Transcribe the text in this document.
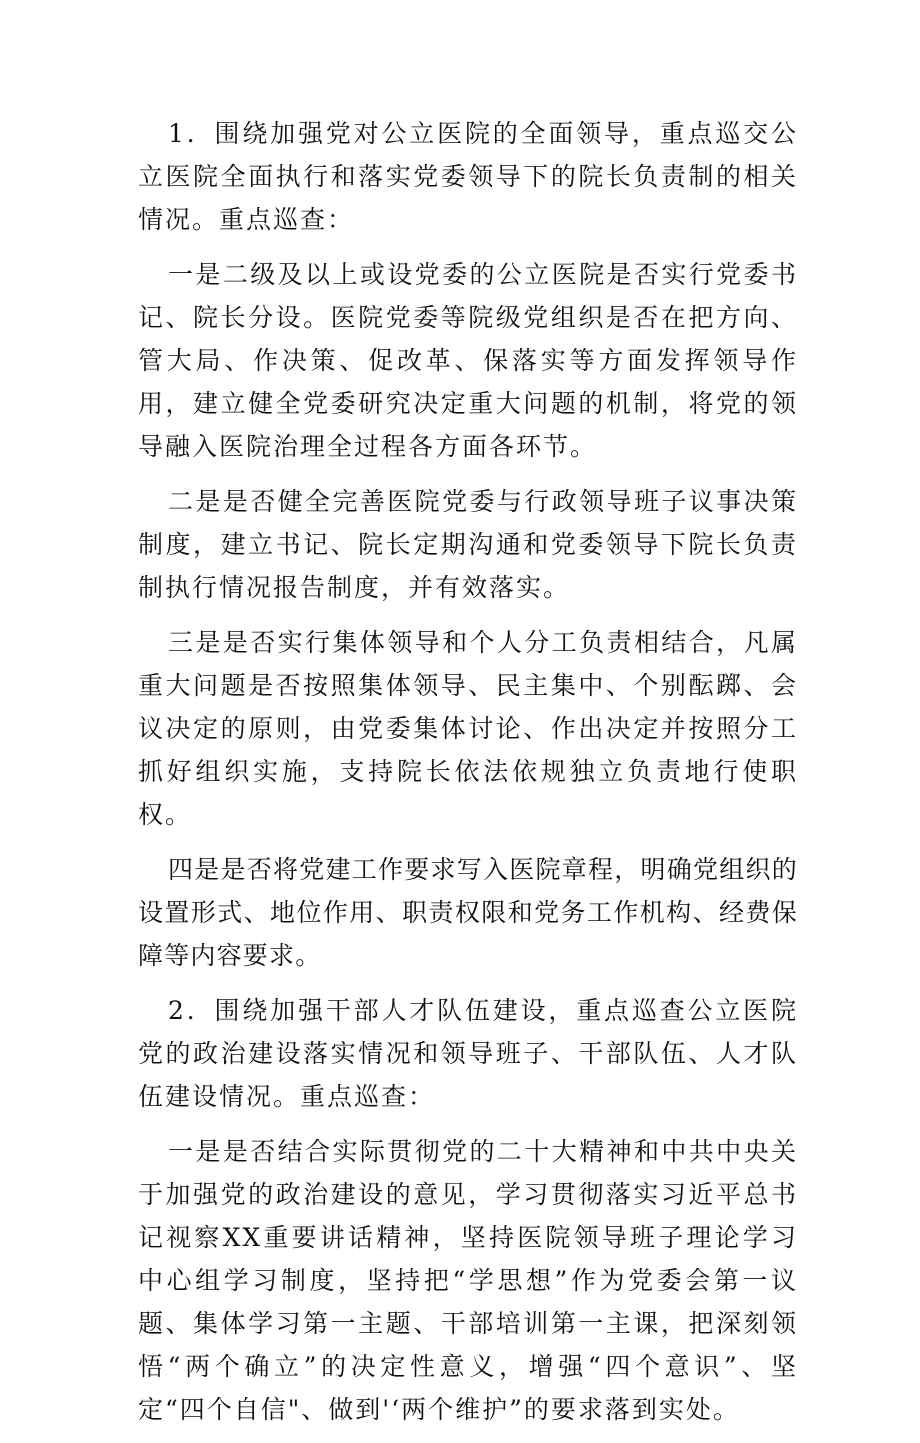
1．围绕加强党对公立医院的全面领导，重点巡交公立医院全面执行和落实党委领导下的院长负责制的相关情况。重点巡查：

一是二级及以上或设党委的公立医院是否实行党委书记、院长分设。医院党委等院级党组织是否在把方向、管大局、作决策、促改革、保落实等方面发挥领导作用，建立健全党委研究决定重大问题的机制，将党的领导融入医院治理全过程各方面各环节。

二是是否健全完善医院党委与行政领导班子议事决策制度，建立书记、院长定期沟通和党委领导下院长负责制执行情况报告制度，并有效落实。

三是是否实行集体领导和个人分工负责相结合，凡属重大问题是否按照集体领导、民主集中、个别酝踯、会议决定的原则，由党委集体讨论、作出决定并按照分工抓好组织实施，支持院长依法依规独立负责地行使职权。

四是是否将党建工作要求写入医院章程，明确党组织的设置形式、地位作用、职责权限和党务工作机构、经费保障等内容要求。

2．围绕加强干部人才队伍建设，重点巡查公立医院党的政治建设落实情况和领导班子、干部队伍、人才队伍建设情况。重点巡查：

一是是否结合实际贯彻党的二十大精神和中共中央关于加强党的政治建设的意见，学习贯彻落实习近平总书记视察XX重要讲话精神，坚持医院领导班子理论学习中心组学习制度，坚持把“学思想”作为党委会第一议题、集体学习第一主题、干部培训第一主课，把深刻领悟“两个确立”的决定性意义，增强“四个意识”、坚定“四个自信"、做到'‘两个维护”的要求落到实处。
